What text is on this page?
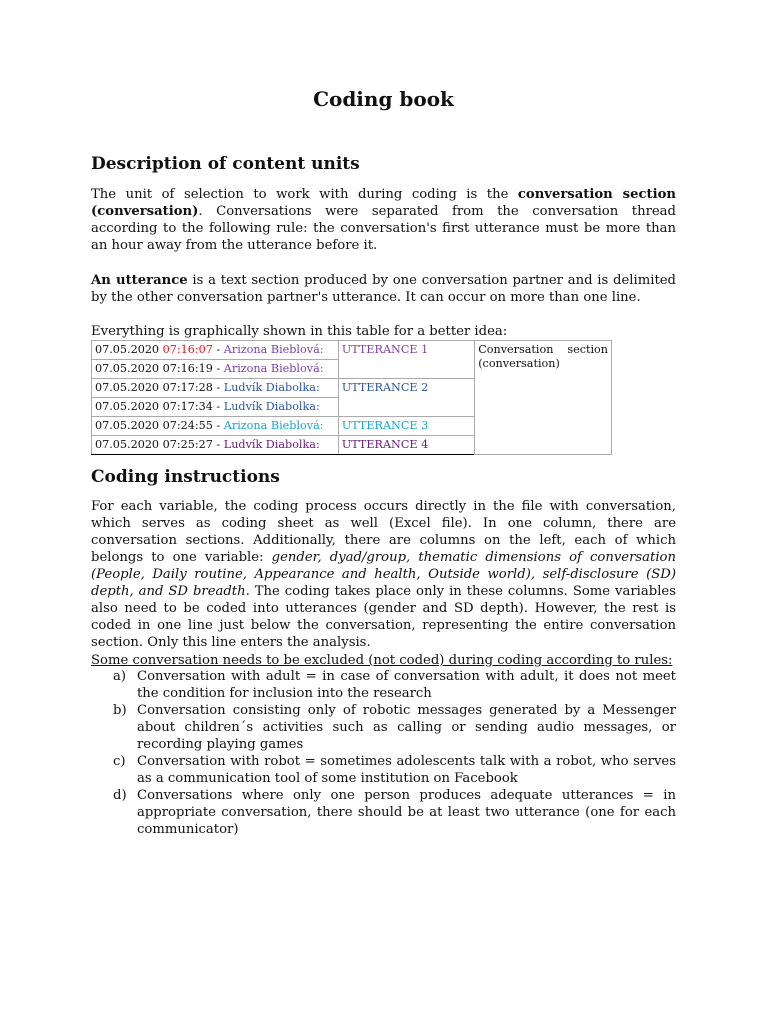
Coding book
Description of content units

The unit of selection to work with during coding is the conversation section (conversation). Conversations were separated from the conversation thread according to the following rule: the conversation's first utterance must be more than an hour away from the utterance before it.

An utterance is a text section produced by one conversation partner and is delimited by the other conversation partner's utterance. It can occur on more than one line.

Everything is graphically shown in this table for a better idea:

07.05.2020 07:16:07 - Arizona Bieblová:	UTTERANCE 1	Conversation section
(conversation)

07.05.2020 07:16:19 - Arizona Bieblová:		
07.05.2020 07:17:28 - Ludvík Diabolka:	UTTERANCE 2	
07.05.2020 07:17:34 - Ludvík Diabolka:		
07.05.2020 07:24:55 - Arizona Bieblová:	UTTERANCE 3	
07.05.2020 07:25:27 - Ludvík Diabolka:	UTTERANCE 4	
Coding instructions

For each variable, the coding process occurs directly in the file with conversation, which serves as coding sheet as well (Excel file). In one column, there are conversation sections. Additionally, there are columns on the left, each of which belongs to one variable: gender, dyad/group, thematic dimensions of conversation (People, Daily routine, Appearance and health, Outside world), self-disclosure (SD) depth, and SD breadth. The coding takes place only in these columns. Some variables also need to be coded into utterances (gender and SD depth). However, the rest is coded in one line just below the conversation, representing the entire conversation section. Only this line enters the analysis.

Some conversation needs to be excluded (not coded) during coding according to rules:

a) Conversation with adult = in case of conversation with adult, it does not meet the condition for inclusion into the research
b) Conversation consisting only of robotic messages generated by a Messenger about children´s activities such as calling or sending audio messages, or recording playing games
c) Conversation with robot = sometimes adolescents talk with a robot, who serves as a communication tool of some institution on Facebook
d) Conversations where only one person produces adequate utterances = in appropriate conversation, there should be at least two utterance (one for each communicator)
